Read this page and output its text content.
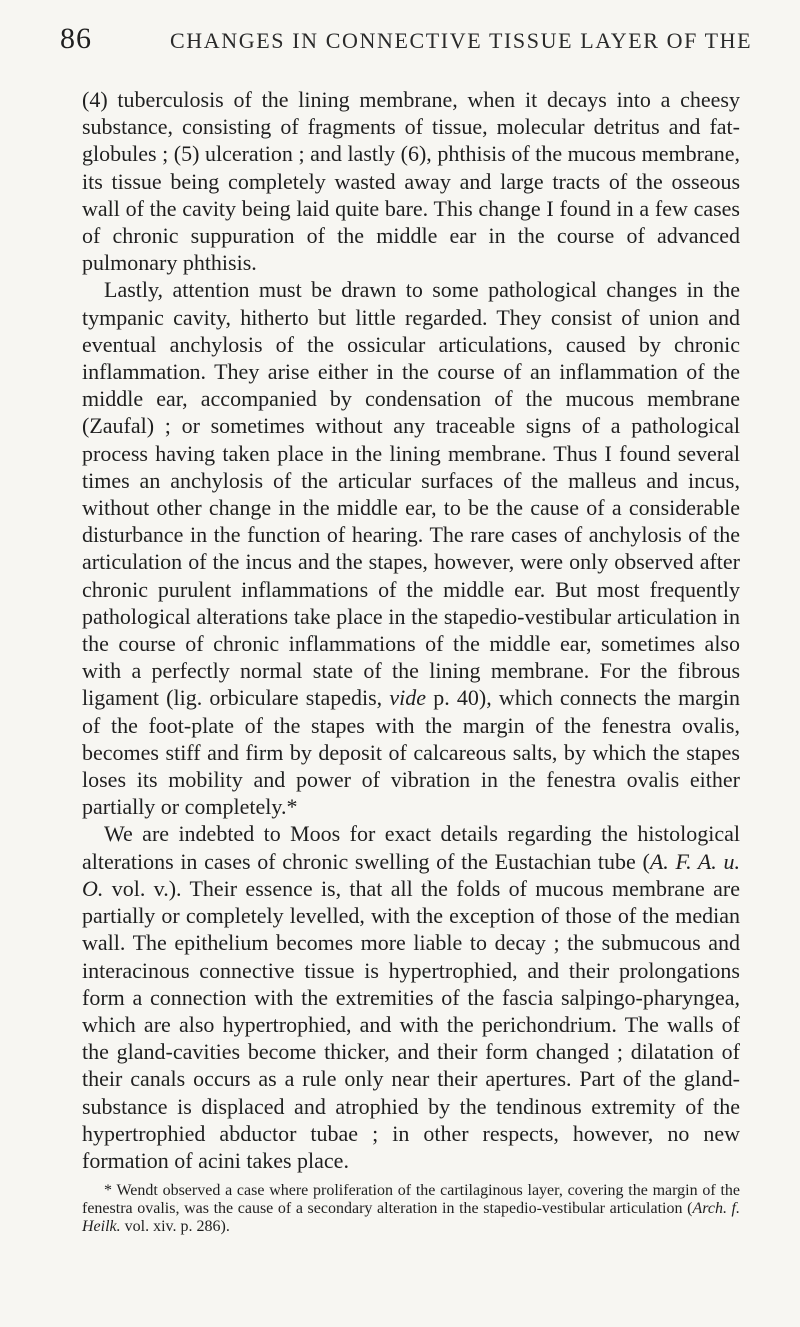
86	CHANGES IN CONNECTIVE TISSUE LAYER OF THE

(4) tuberculosis of the lining membrane, when it decays into a cheesy substance, consisting of fragments of tissue, molecular detritus and fat-globules ; (5) ulceration ; and lastly (6), phthisis of the mucous membrane, its tissue being completely wasted away and large tracts of the osseous wall of the cavity being laid quite bare. This change I found in a few cases of chronic suppuration of the middle ear in the course of advanced pulmonary phthisis.

Lastly, attention must be drawn to some pathological changes in the tympanic cavity, hitherto but little regarded. They consist of union and eventual anchylosis of the ossicular articulations, caused by chronic inflammation. They arise either in the course of an inflammation of the middle ear, accompanied by condensation of the mucous membrane (Zaufal) ; or sometimes without any traceable signs of a pathological process having taken place in the lining membrane. Thus I found several times an anchylosis of the articular surfaces of the malleus and incus, without other change in the middle ear, to be the cause of a considerable disturbance in the function of hearing. The rare cases of anchylosis of the articulation of the incus and the stapes, however, were only observed after chronic purulent inflammations of the middle ear. But most frequently pathological alterations take place in the stapedio-vestibular articulation in the course of chronic inflammations of the middle ear, sometimes also with a perfectly normal state of the lining membrane. For the fibrous ligament (lig. orbiculare stapedis, vide p. 40), which connects the margin of the foot-plate of the stapes with the margin of the fenestra ovalis, becomes stiff and firm by deposit of calcareous salts, by which the stapes loses its mobility and power of vibration in the fenestra ovalis either partially or completely.*

We are indebted to Moos for exact details regarding the histological alterations in cases of chronic swelling of the Eustachian tube (A. F. A. u. O. vol. v.). Their essence is, that all the folds of mucous membrane are partially or completely levelled, with the exception of those of the median wall. The epithelium becomes more liable to decay ; the submucous and interacinous connective tissue is hypertrophied, and their prolongations form a connection with the extremities of the fascia salpingo-pharyngea, which are also hypertrophied, and with the perichondrium. The walls of the gland-cavities become thicker, and their form changed ; dilatation of their canals occurs as a rule only near their apertures. Part of the gland-substance is displaced and atrophied by the tendinous extremity of the hypertrophied abductor tubae ; in other respects, however, no new formation of acini takes place.

* Wendt observed a case where proliferation of the cartilaginous layer, covering the margin of the fenestra ovalis, was the cause of a secondary alteration in the stapedio-vestibular articulation (Arch. f. Heilk. vol. xiv. p. 286).
